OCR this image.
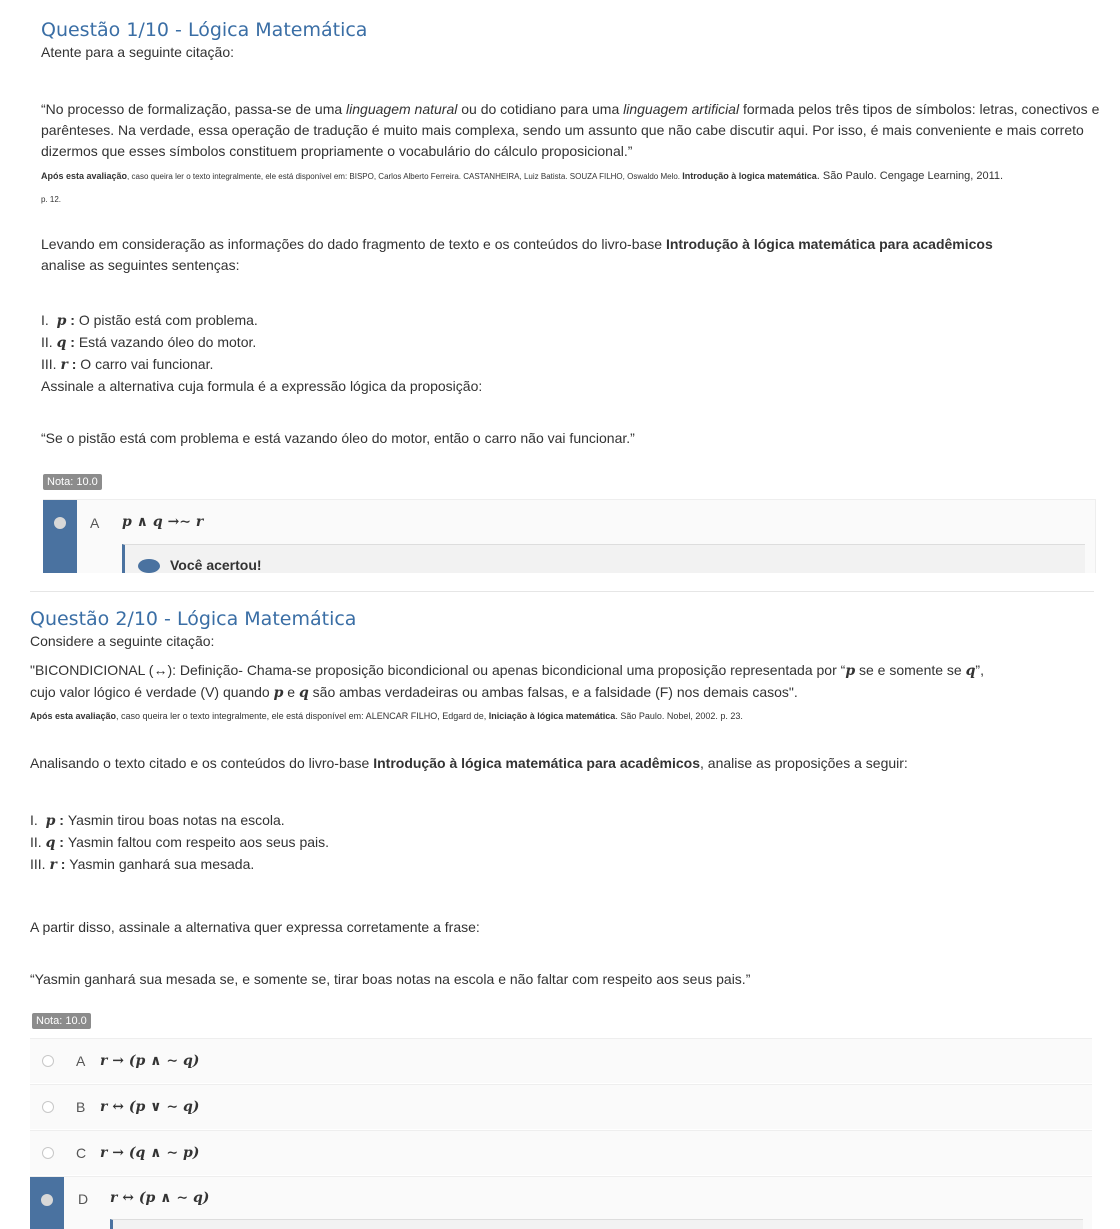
Questão 1/10 - Lógica Matemática
Atente para a seguinte citação:

“No processo de formalização, passa-se de uma linguagem natural ou do cotidiano para uma linguagem artificial formada pelos três tipos de símbolos: letras, conectivos e parênteses. Na verdade, essa operação de tradução é muito mais complexa, sendo um assunto que não cabe discutir aqui. Por isso, é mais conveniente e mais correto dizermos que esses símbolos constituem propriamente o vocabulário do cálculo proposicional.”

Após esta avaliação, caso queira ler o texto integralmente, ele está disponível em: BISPO, Carlos Alberto Ferreira. CASTANHEIRA, Luiz Batista. SOUZA FILHO, Oswaldo Melo. Introdução à logica matemática. São Paulo. Cengage Learning, 2011.
p. 12.

Levando em consideração as informações do dado fragmento de texto e os conteúdos do livro-base Introdução à lógica matemática para acadêmicos
analise as seguintes sentenças:

I. p : O pistão está com problema.
II. q : Está vazando óleo do motor.
III. r : O carro vai funcionar.
Assinale a alternativa cuja formula é a expressão lógica da proposição:
“Se o pistão está com problema e está vazando óleo do motor, então o carro não vai funcionar.”
Nota: 10.0
A p ∧ q →∼ r
Você acertou!
Questão 2/10 - Lógica Matemática
Considere a seguinte citação:

"BICONDICIONAL (↔): Definição- Chama-se proposição bicondicional ou apenas bicondicional uma proposição representada por “p se e somente se q”,
cujo valor lógico é verdade (V) quando p e q são ambas verdadeiras ou ambas falsas, e a falsidade (F) nos demais casos".

Após esta avaliação, caso queira ler o texto integralmente, ele está disponível em: ALENCAR FILHO, Edgard de, Iniciação à lógica matemática. São Paulo. Nobel, 2002. p. 23.

Analisando o texto citado e os conteúdos do livro-base Introdução à lógica matemática para acadêmicos, analise as proposições a seguir:

I. p : Yasmin tirou boas notas na escola.
II. q : Yasmin faltou com respeito aos seus pais.
III. r : Yasmin ganhará sua mesada.
A partir disso, assinale a alternativa quer expressa corretamente a frase:
“Yasmin ganhará sua mesada se, e somente se, tirar boas notas na escola e não faltar com respeito aos seus pais.”
Nota: 10.0
A	r → (p ∧ ∼ q)
B	r ↔ (p ∨ ∼ q)
C r → (q ∧ ∼ p)
D r ↔ (p ∧ ∼ q)
